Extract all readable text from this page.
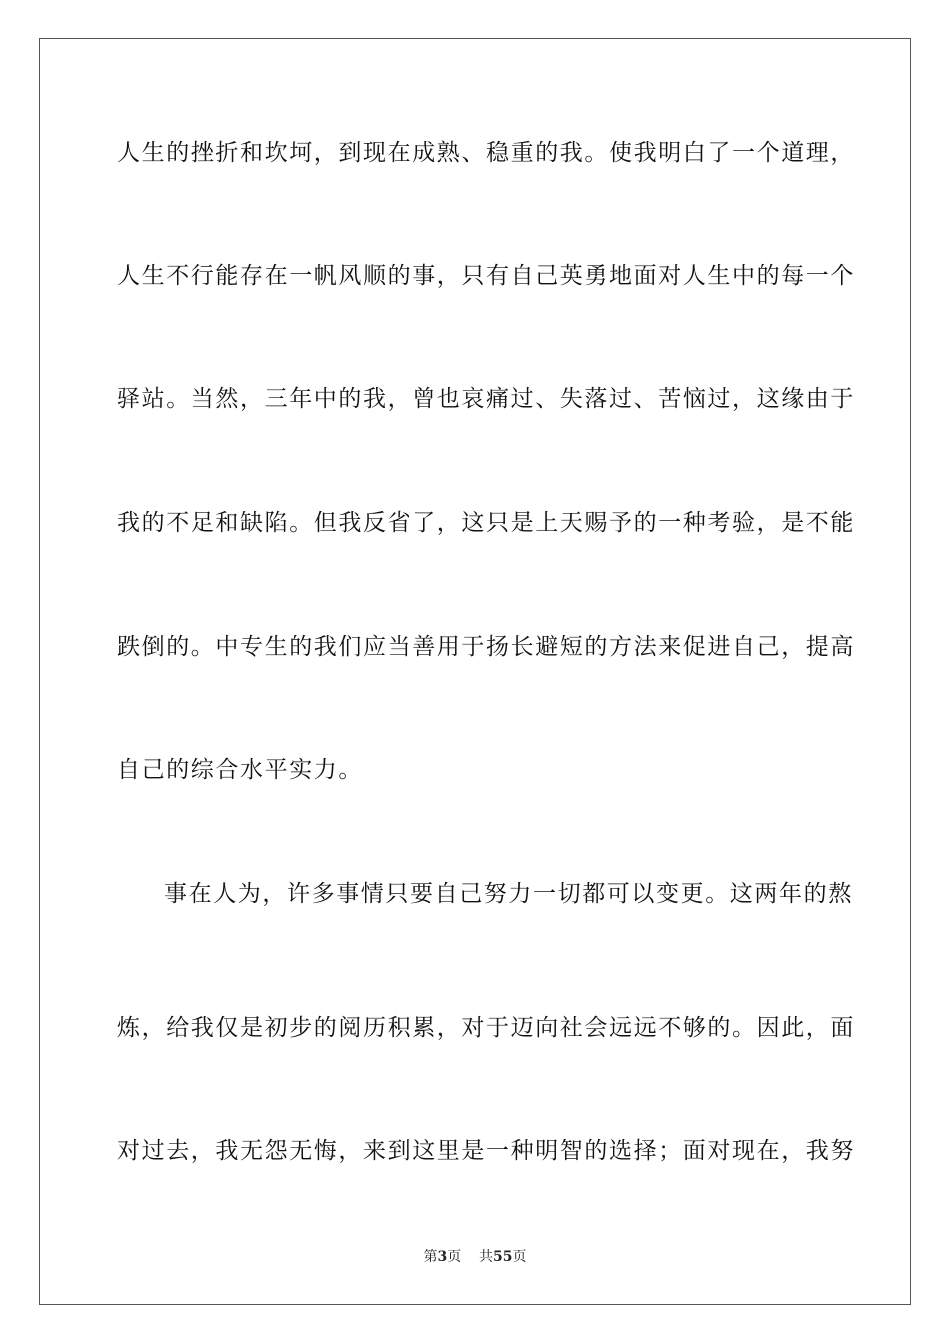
人生的挫折和坎坷，到现在成熟、稳重的我。使我明白了一个道理，
人生不行能存在一帆风顺的事，只有自己英勇地面对人生中的每一个
驿站。当然，三年中的我，曾也哀痛过、失落过、苦恼过，这缘由于
我的不足和缺陷。但我反省了，这只是上天赐予的一种考验，是不能
跌倒的。中专生的我们应当善用于扬长避短的方法来促进自己，提高
自己的综合水平实力。
事在人为，许多事情只要自己努力一切都可以变更。这两年的熬
炼，给我仅是初步的阅历积累，对于迈向社会远远不够的。因此，面
对过去，我无怨无悔，来到这里是一种明智的选择；面对现在，我努
第3页 共55页
